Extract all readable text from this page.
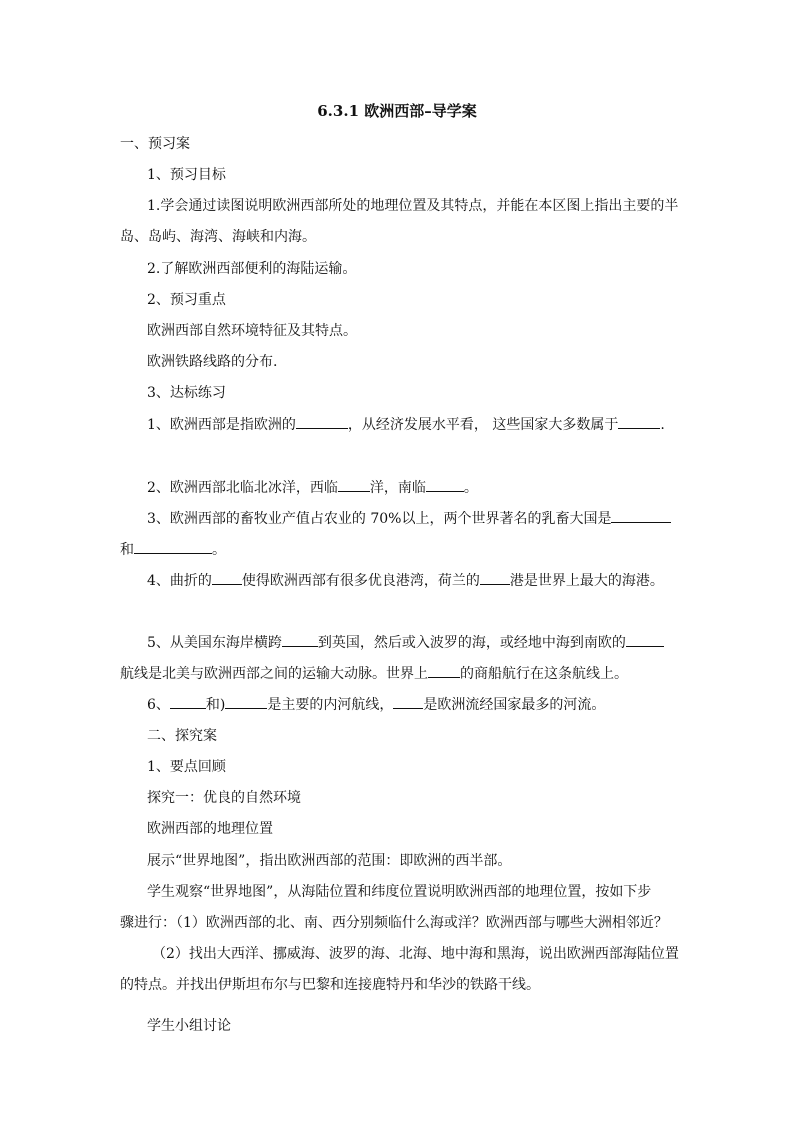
6.3.1 欧洲西部–导学案
一、预习案
1、预习目标
1.学会通过读图说明欧洲西部所处的地理位置及其特点，并能在本区图上指出主要的半
岛、岛屿、海湾、海峡和内海。
2.了解欧洲西部便利的海陆运输。
2、预习重点
欧洲西部自然环境特征及其特点。
欧洲铁路线路的分布.
3、达标练习
1、欧洲西部是指欧洲的	，从经济发展水平看， 这些国家大多数属于	.
2、欧洲西部北临北冰洋，西临 洋，南临	。
3、欧洲西部的畜牧业产值占农业的 70%以上，两个世界著名的乳畜大国是
和	。
4、曲折的 使得欧洲西部有很多优良港湾，荷兰的 港是世界上最大的海港。
5、从美国东海岸横跨	到英国，然后或入波罗的海，或经地中海到南欧的
航线是北美与欧洲西部之间的运输大动脉。世界上 的商船航行在这条航线上。
6、	和)	是主要的内河航线， 是欧洲流经国家最多的河流。
二、探究案
1、要点回顾
探究一：优良的自然环境
欧洲西部的地理位置
展示“世界地图”，指出欧洲西部的范围：即欧洲的西半部。
学生观察“世界地图”，从海陆位置和纬度位置说明欧洲西部的地理位置，按如下步
骤进行：（1）欧洲西部的北、南、西分别频临什么海或洋？欧洲西部与哪些大洲相邻近？
（2）找出大西洋、挪威海、波罗的海、北海、地中海和黑海，说出欧洲西部海陆位置
的特点。并找出伊斯坦布尔与巴黎和连接鹿特丹和华沙的铁路干线。
学生小组讨论
